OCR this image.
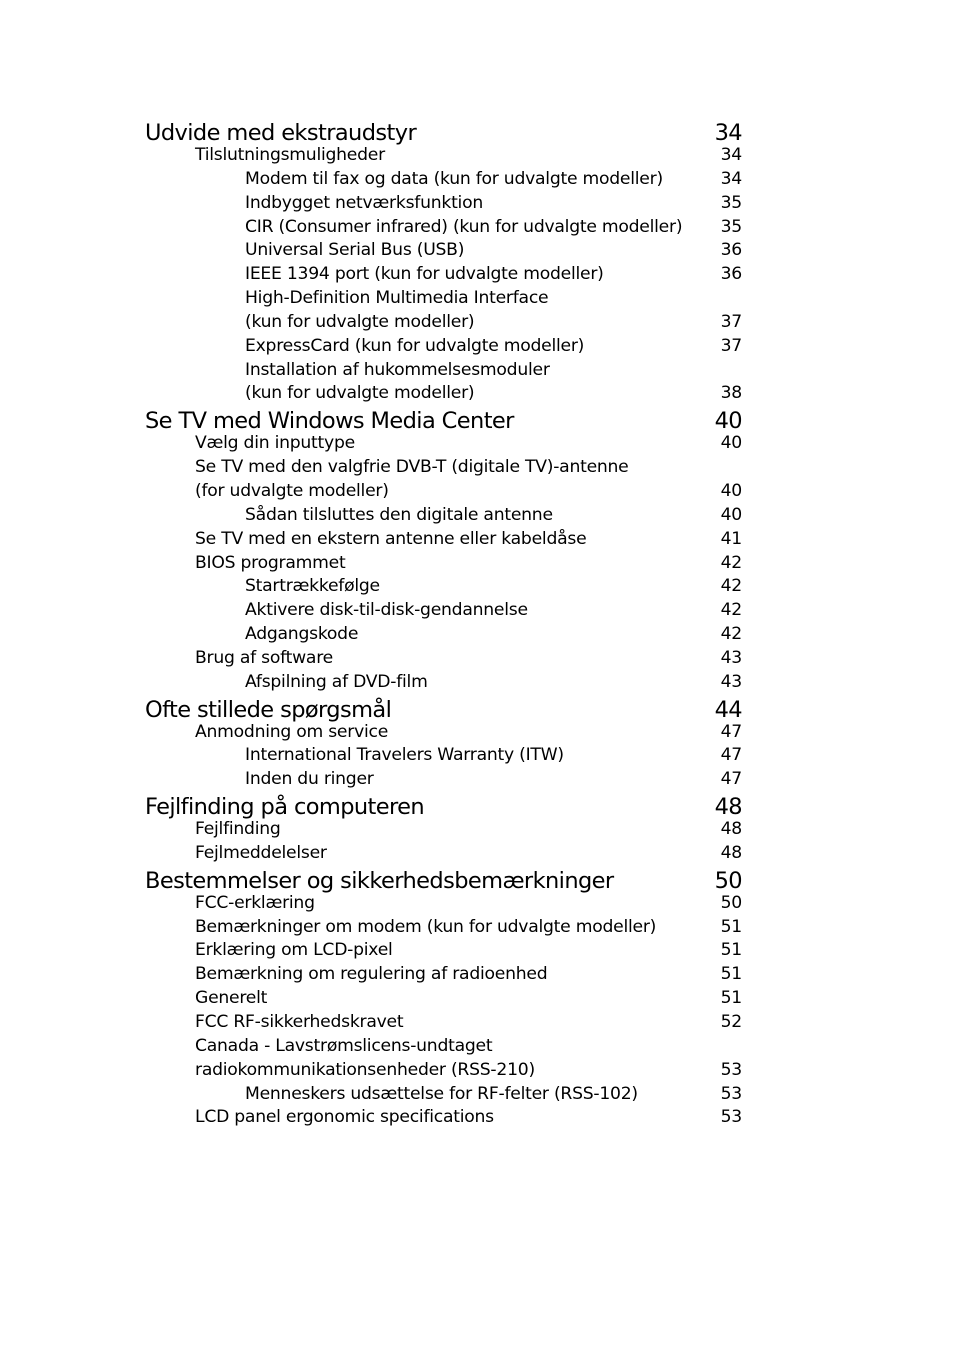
Udvide med ekstraudstyr	34
Tilslutningsmuligheder	34
Modem til fax og data (kun for udvalgte modeller)	34
Indbygget netværksfunktion	35
CIR (Consumer infrared) (kun for udvalgte modeller) 35
Universal Serial Bus (USB)	36
IEEE 1394 port (kun for udvalgte modeller)	36
High-Definition Multimedia Interface
(kun for udvalgte modeller)	37
ExpressCard (kun for udvalgte modeller)	37
Installation af hukommelsesmoduler
(kun for udvalgte modeller)	38
Se TV med Windows Media Center	40
Vælg din inputtype	40
Se TV med den valgfrie DVB-T (digitale TV)-antenne
(for udvalgte modeller)	40
Sådan tilsluttes den digitale antenne	40
Se TV med en ekstern antenne eller kabeldåse	41
BIOS programmet	42
Startrækkefølge	42
Aktivere disk-til-disk-gendannelse	42
Adgangskode	42
Brug af software	43
Afspilning af DVD-film	43
Ofte stillede spørgsmål	44
Anmodning om service	47
International Travelers Warranty (ITW)	47
Inden du ringer	47
Fejlfinding på computeren	48
Fejlfinding	48
Fejlmeddelelser	48
Bestemmelser og sikkerhedsbemærkninger	50
FCC-erklæring	50
Bemærkninger om modem (kun for udvalgte modeller)	51
Erklæring om LCD-pixel	51
Bemærkning om regulering af radioenhed	51
Generelt	51
FCC RF-sikkerhedskravet	52
Canada - Lavstrømslicens-undtaget
radiokommunikationsenheder (RSS-210)	53
Menneskers udsættelse for RF-felter (RSS-102)	53
LCD panel ergonomic specifications	53
